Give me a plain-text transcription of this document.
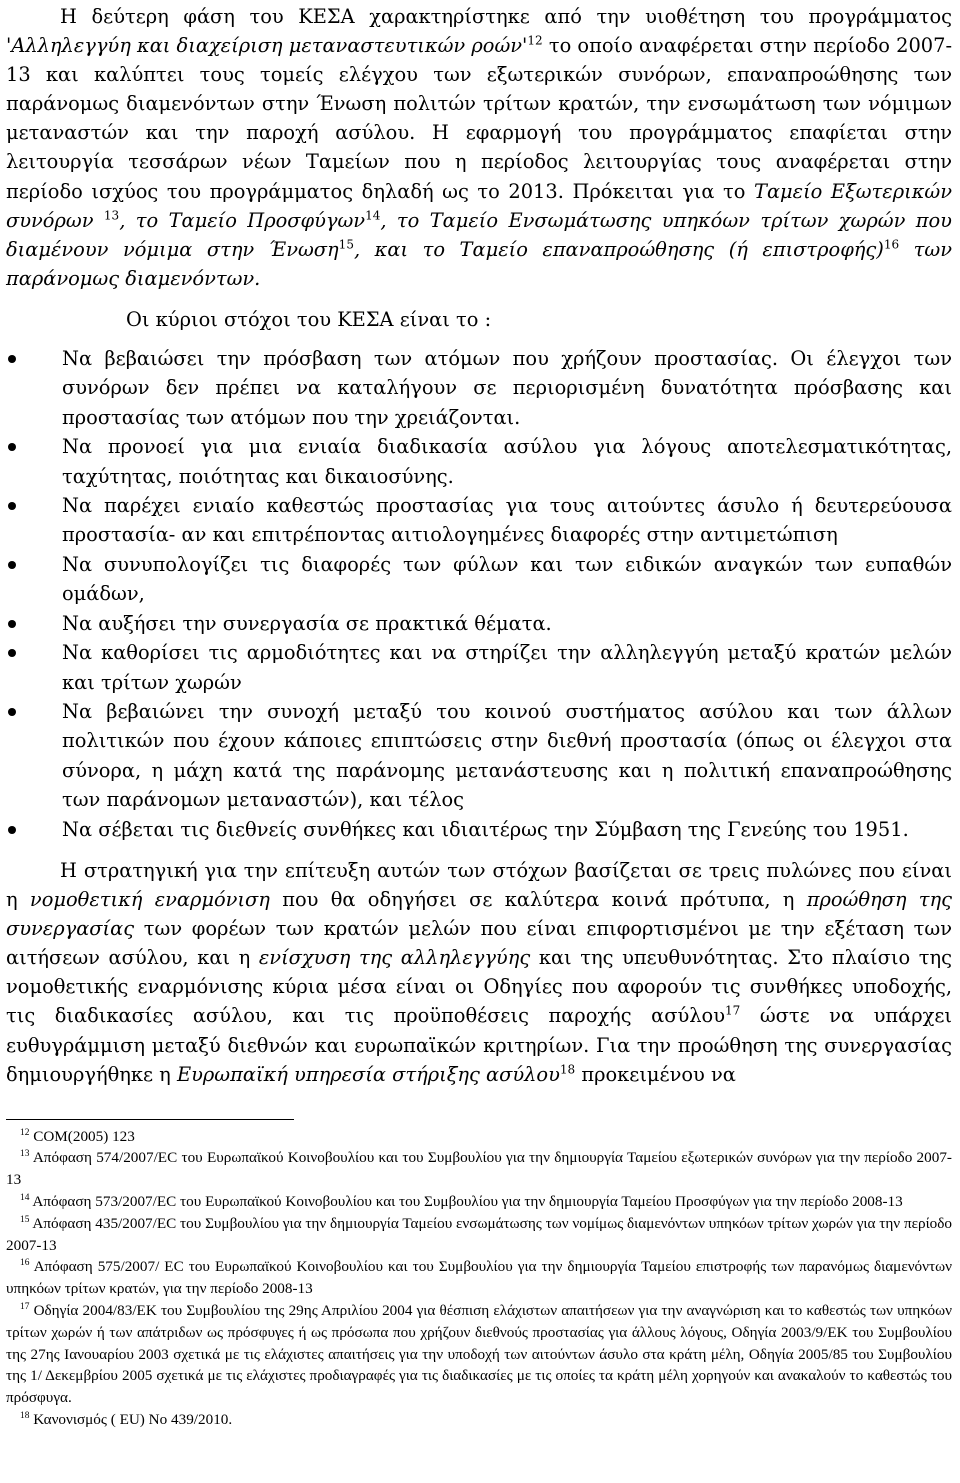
Η δεύτερη φάση του ΚΕΣΑ χαρακτηρίστηκε από την υιοθέτηση του προγράμματος 'Αλληλεγγύη και διαχείριση μεταναστευτικών $\rho oώ\nu'^{12}$ το οποίο αναφέρεται στην περίοδο 2007-13 και καλύπτει τους τομείς ελέγχου των εξωτερικών συνόρων, επαναπροώθησης των παράνομως διαμενόντων στην Ένωση πολιτών τρίτων κρατών, την ενσωμάτωση των νόμιμων μεταναστών και την παροχή ασύλου. Η εφαρμογή του προγράμματος επαφίεται στην λειτουργία τεσσάρων νέων Ταμείων που η περίοδος λειτουργίας τους αναφέρεται στην περίοδο ισχύος του προγράμματος δηλαδή ως το 2013. Πρόκειται για το Ταμείο Εξωτερικών συνόρων $^{13}$, το Ταμείο Προσφύγων$^{14}$, το Ταμείο Ενσωμάτωσης υπηκόων τρίτων χωρών που διαμένουν νόμιμα στην Ένωση$^{15}$, και το Ταμείο επαναπροώθησης (ή επιστροφής)$^{16}$ των παράνομως διαμενόντων.

Οι κύριοι στόχοι του ΚΕΣΑ είναι το :
Να βεβαιώσει την πρόσβαση των ατόμων που χρήζουν προστασίας. Οι έλεγχοι των συνόρων δεν πρέπει να καταλήγουν σε περιορισμένη δυνατότητα πρόσβασης και προστασίας των ατόμων που την χρειάζονται.
Να προνοεί για μια ενιαία διαδικασία ασύλου για λόγους αποτελεσματικότητας, ταχύτητας, ποιότητας και δικαιοσύνης.
Να παρέχει ενιαίο καθεστώς προστασίας για τους αιτούντες άσυλο ή δευτερεύουσα προστασία- αν και επιτρέποντας αιτιολογημένες διαφορές στην αντιμετώπιση
Να συνυπολογίζει τις διαφορές των φύλων και των ειδικών αναγκών των ευπαθών ομάδων,
Να αυξήσει την συνεργασία σε πρακτικά θέματα.
Να καθορίσει τις αρμοδιότητες και να στηρίζει την αλληλεγγύη μεταξύ κρατών μελών και τρίτων χωρών
Να βεβαιώνει την συνοχή μεταξύ του κοινού συστήματος ασύλου και των άλλων πολιτικών που έχουν κάποιες επιπτώσεις στην διεθνή προστασία (όπως οι έλεγχοι στα σύνορα, η μάχη κατά της παράνομης μετανάστευσης και η πολιτική επαναπροώθησης των παράνομων μεταναστών), και τέλος
Να σέβεται τις διεθνείς συνθήκες και ιδιαιτέρως την Σύμβαση της Γενεύης του 1951.

Η στρατηγική για την επίτευξη αυτών των στόχων βασίζεται σε τρεις πυλώνες που είναι η νομοθετική εναρμόνιση που θα οδηγήσει σε καλύτερα κοινά πρότυπα, η προώθηση της συνεργασίας των φορέων των κρατών μελών που είναι επιφορτισμένοι με την εξέταση των αιτήσεων ασύλου, και η ενίσχυση της αλληλεγγύης και της υπευθυνότητας. Στο πλαίσιο της νομοθετικής εναρμόνισης κύρια μέσα είναι οι Οδηγίες που αφορούν τις συνθήκες υποδοχής, τις διαδικασίες ασύλου, και τις προϋποθέσεις παροχής ασύλου$^{17}$ ώστε να υπάρχει ευθυγράμμιση μεταξύ διεθνών και ευρωπαϊκών κριτηρίων. Για την προώθηση της συνεργασίας δημιουργήθηκε η Ευρωπαϊκή υπηρεσία στήριξης ασύλου$^{18}$ προκειμένου να

$^{12}$ COM(2005) 123

$^{13}$ Απόφαση 574/2007/ΕC του Ευρωπαϊκού Κοινοβουλίου και του Συμβουλίου για την δημιουργία Ταμείου εξωτερικών συνόρων για την περίοδο 2007-13

$^{14}$ Απόφαση 573/2007/ΕC του Ευρωπαϊκού Κοινοβουλίου και του Συμβουλίου για την δημιουργία Ταμείου Προσφύγων για την περίοδο 2008-13

$^{15}$ Απόφαση 435/2007/ΕC του Συμβουλίου για την δημιουργία Ταμείου ενσωμάτωσης των νομίμως διαμενόντων υπηκόων τρίτων χωρών για την περίοδο 2007-13

$^{16}$ Απόφαση 575/2007/ ΕC του Ευρωπαϊκού Κοινοβουλίου και του Συμβουλίου για την δημιουργία Ταμείου επιστροφής των παρανόμως διαμενόντων υπηκόων τρίτων κρατών, για την περίοδο 2008-13

$^{17}$ Οδηγία 2004/83/ΕΚ του Συμβουλίου της 29ης Απριλίου 2004 για θέσπιση ελάχιστων απαιτήσεων για την αναγνώριση και το καθεστώς των υπηκόων τρίτων χωρών ή των απάτριδων ως πρόσφυγες ή ως πρόσωπα που χρήζουν διεθνούς προστασίας για άλλους λόγους, Οδηγία 2003/9/ΕΚ του Συμβουλίου της 27ης Ιανουαρίου 2003 σχετικά με τις ελάχιστες απαιτήσεις για την υποδοχή των αιτούντων άσυλο στα κράτη μέλη, Οδηγία 2005/85 του Συμβουλίου της 1/ Δεκεμβρίου 2005 σχετικά με τις ελάχιστες προδιαγραφές για τις διαδικασίες με τις οποίες τα κράτη μέλη χορηγούν και ανακαλούν το καθεστώς του πρόσφυγα.

$^{18}$ Κανονισμός ( EU) No 439/2010.
